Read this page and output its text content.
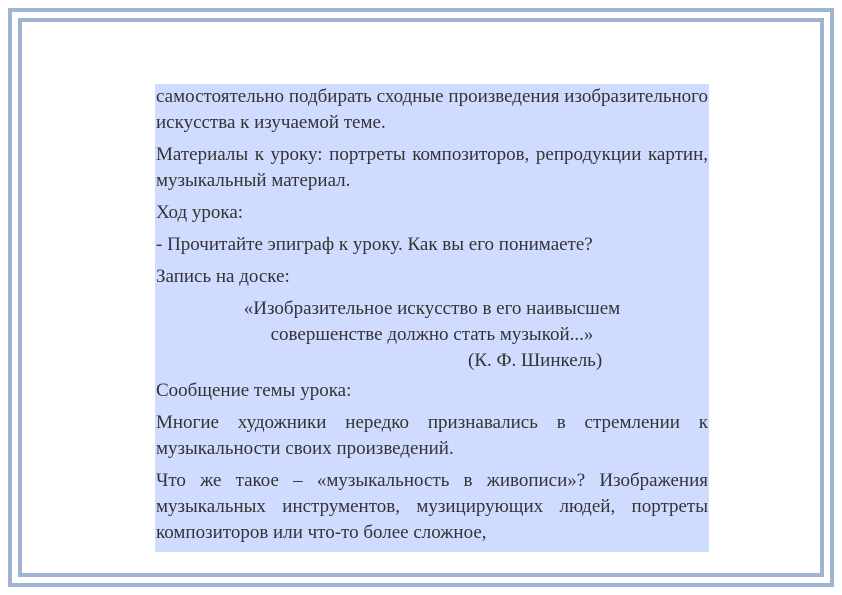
самостоятельно подбирать сходные произведения изобразительного искусства к изучаемой теме.

Материалы к уроку: портреты композиторов, репродукции картин, музыкальный материал.

Ход урока:

- Прочитайте эпиграф к уроку. Как вы его понимаете?

Запись на доске:

«Изобразительное искусство в его наивысшем

совершенстве должно стать музыкой...»

(К. Ф. Шинкель)

Сообщение темы урока:

Многие художники нередко признавались в стремлении к музыкальности своих произведений.

Что же такое – «музыкальность в живописи»? Изображения музыкальных инструментов, музицирующих людей, портреты композиторов или что-то более сложное,
